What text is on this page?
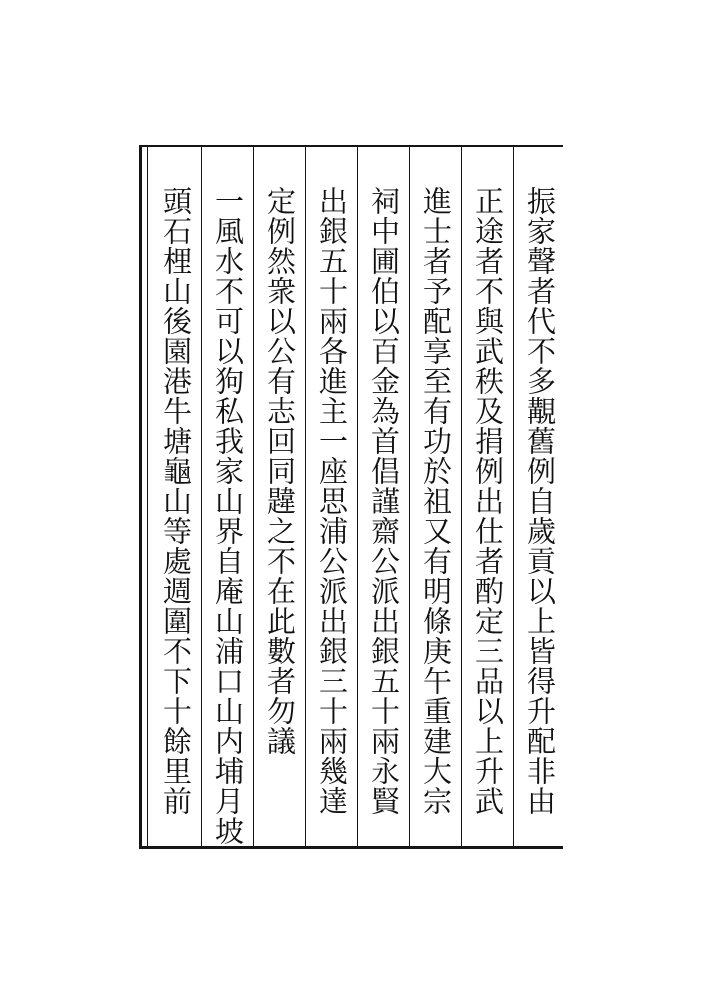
振家聲者代不多覯舊例自歲貢以上皆得升配非由
正途者不與武秩及捐例出仕者酌定三品以上升武
進士者予配享至有功於祖又有明條庚午重建大宗
祠中圃伯以百金為首倡謹齋公派出銀五十兩永賢
出銀五十兩各進主一座思浦公派出銀三十兩幾達
定例然衆以公有志回同韙之不在此數者勿議
一風水不可以狗私我家山界自庵山浦口山内埔月坡
頭石梩山後園港牛塘龜山等處週圍不下十餘里前
